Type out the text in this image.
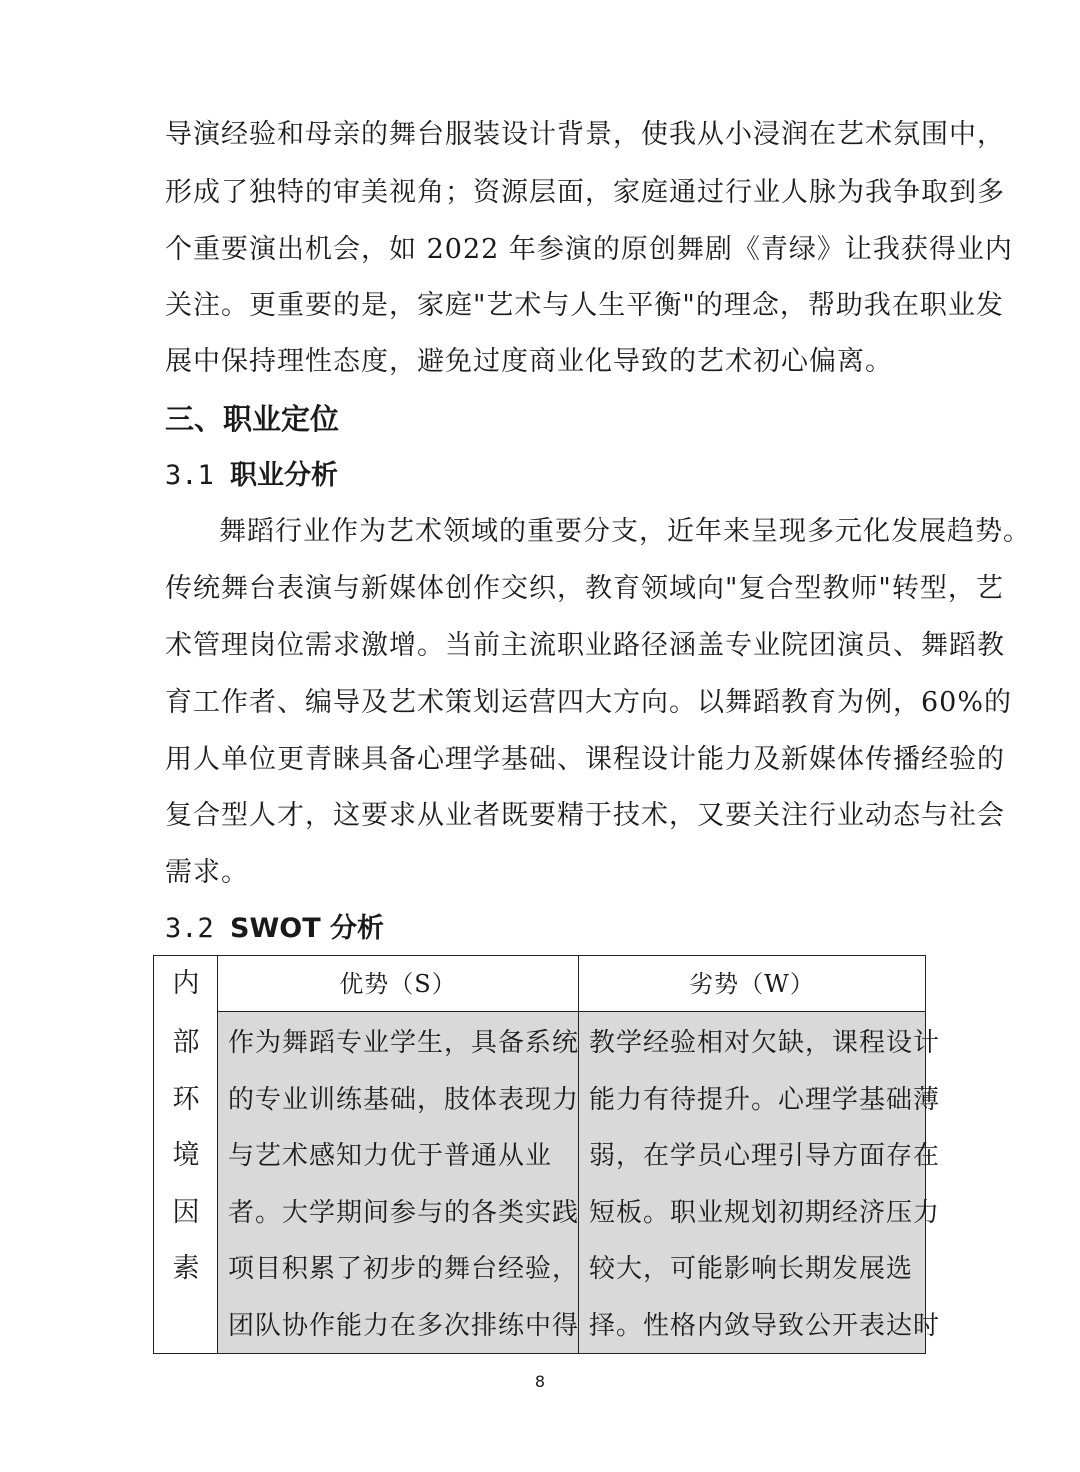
导演经验和母亲的舞台服装设计背景，使我从小浸润在艺术氛围中，
形成了独特的审美视角；资源层面，家庭通过行业人脉为我争取到多
个重要演出机会，如 2022 年参演的原创舞剧《青绿》让我获得业内
关注。更重要的是，家庭"艺术与人生平衡"的理念，帮助我在职业发
展中保持理性态度，避免过度商业化导致的艺术初心偏离。
三、职业定位
3.1 职业分析
舞蹈行业作为艺术领域的重要分支，近年来呈现多元化发展趋势。
传统舞台表演与新媒体创作交织，教育领域向"复合型教师"转型，艺
术管理岗位需求激增。当前主流职业路径涵盖专业院团演员、舞蹈教
育工作者、编导及艺术策划运营四大方向。以舞蹈教育为例，60%的
用人单位更青睐具备心理学基础、课程设计能力及新媒体传播经验的
复合型人才，这要求从业者既要精于技术，又要关注行业动态与社会
需求。
3.2 SWOT 分析
内
部
环
境
因
素
优势（S）	劣势（W）
作为舞蹈专业学生，具备系统
的专业训练基础，肢体表现力
与艺术感知力优于普通从业
者。大学期间参与的各类实践
项目积累了初步的舞台经验，
团队协作能力在多次排练中得
教学经验相对欠缺，课程设计
能力有待提升。心理学基础薄
弱，在学员心理引导方面存在
短板。职业规划初期经济压力
较大，可能影响长期发展选
择。性格内敛导致公开表达时
8
